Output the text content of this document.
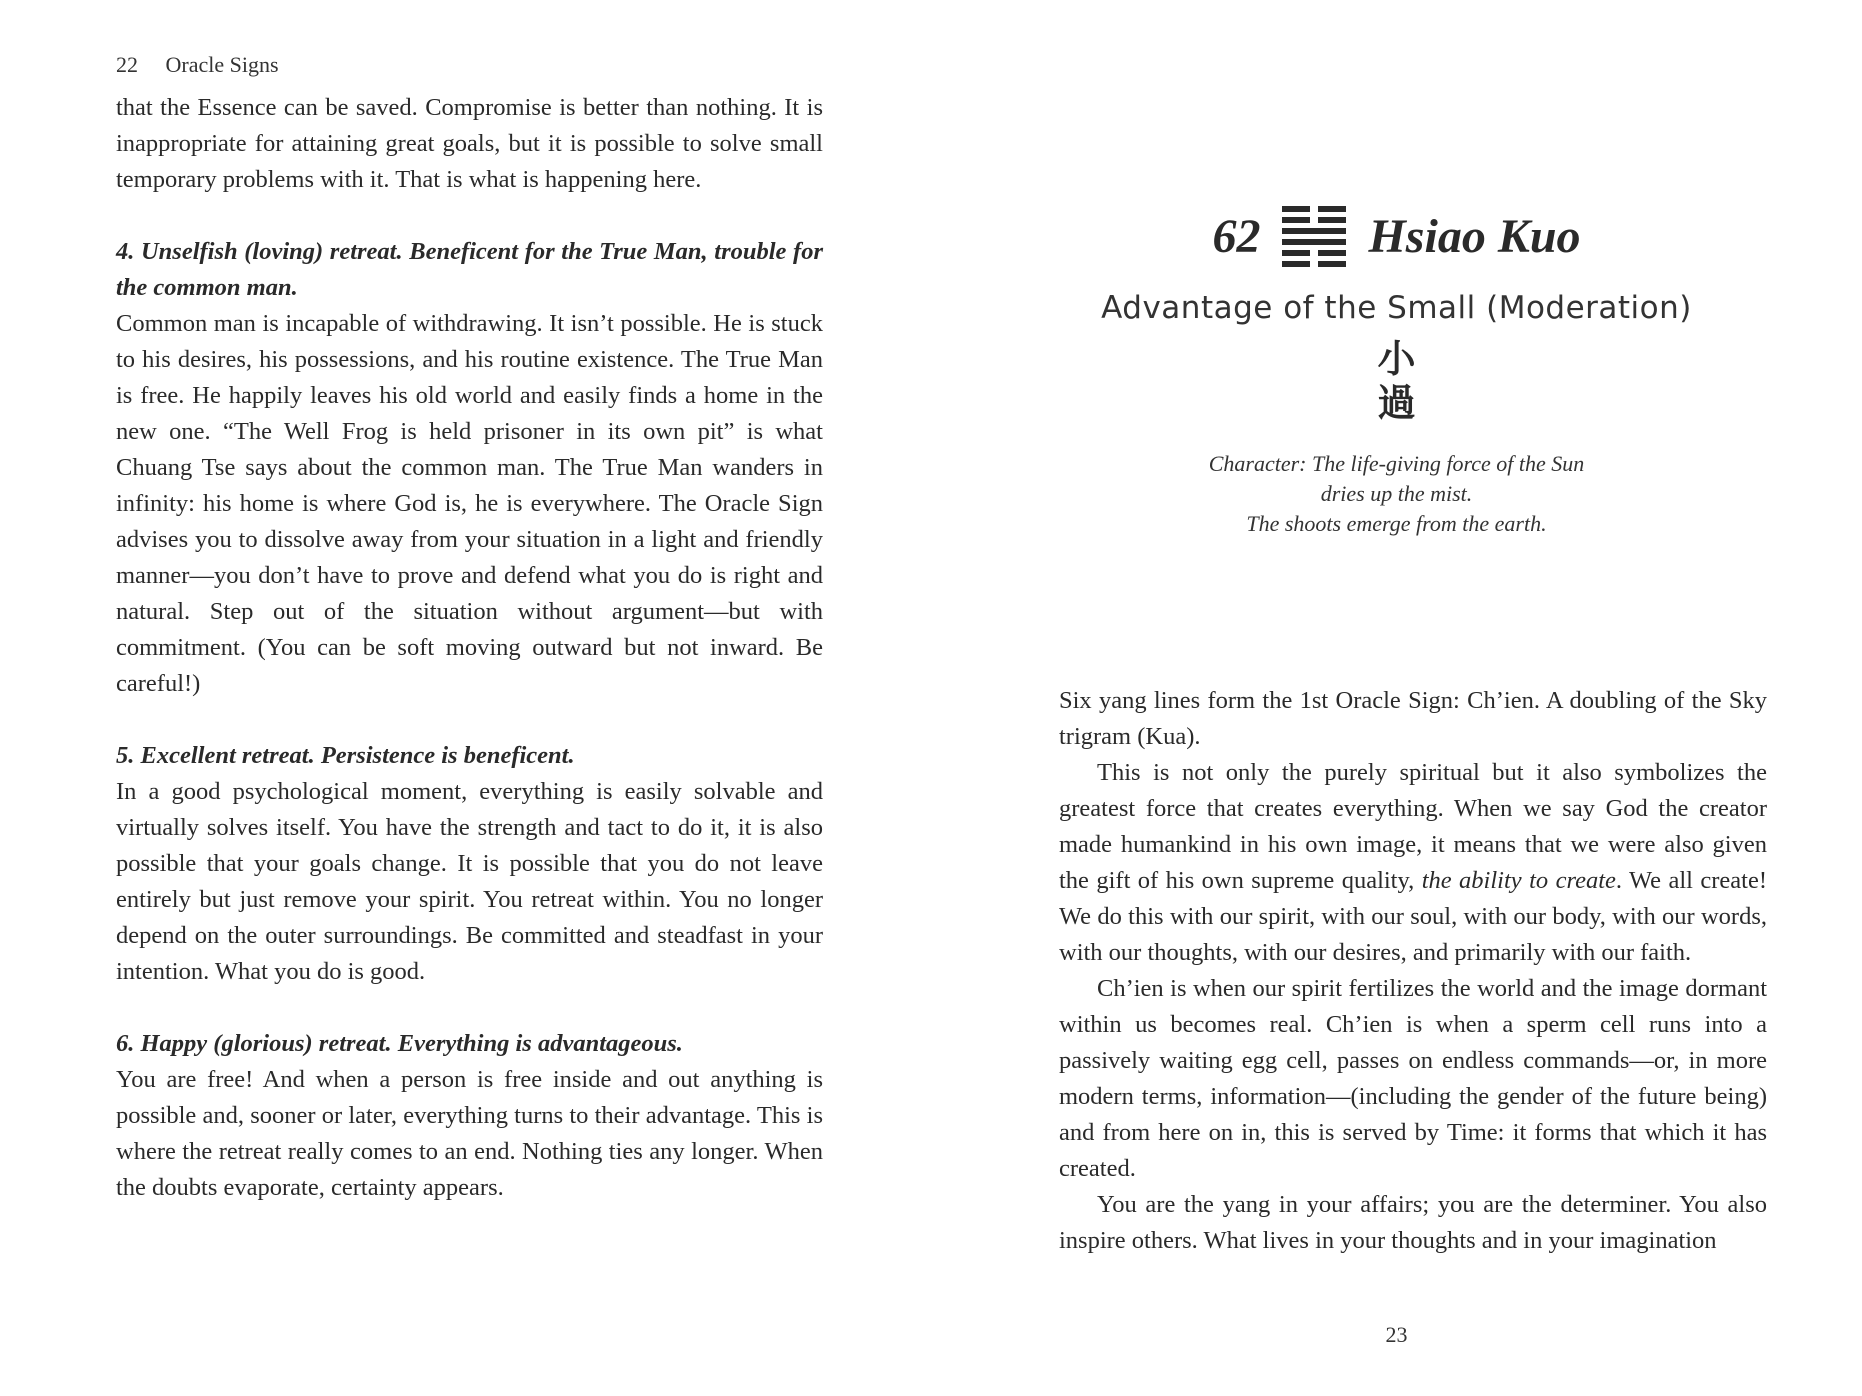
22 Oracle Signs

that the Essence can be saved. Compromise is better than nothing. It is inappropriate for attaining great goals, but it is possible to solve small temporary problems with it. That is what is happening here.

4. Unselfish (loving) retreat. Beneficent for the True Man, trouble for the common man.

Common man is incapable of withdrawing. It isn’t possible. He is stuck to his desires, his possessions, and his routine existence. The True Man is free. He happily leaves his old world and easily finds a home in the new one. “The Well Frog is held prisoner in its own pit” is what Chuang Tse says about the common man. The True Man wanders in infinity: his home is where God is, he is everywhere. The Oracle Sign advises you to dissolve away from your situation in a light and friendly manner—you don’t have to prove and defend what you do is right and natural. Step out of the situation without argument—but with commitment. (You can be soft moving outward but not inward. Be careful!)

5. Excellent retreat. Persistence is beneficent.

In a good psychological moment, everything is easily solvable and virtually solves itself. You have the strength and tact to do it, it is also possible that your goals change. It is possible that you do not leave entirely but just remove your spirit. You retreat within. You no longer depend on the outer surroundings. Be committed and steadfast in your intention. What you do is good.

6. Happy (glorious) retreat. Everything is advantageous.

You are free! And when a person is free inside and out anything is possible and, sooner or later, everything turns to their advantage. This is where the retreat really comes to an end. Nothing ties any longer. When the doubts evaporate, certainty appears.

62 Hsiao Kuo
Advantage of the Small (Moderation)
小
過
Character: The life-giving force of the Sun
dries up the mist.
The shoots emerge from the earth.

Six yang lines form the 1st Oracle Sign: Ch’ien. A doubling of the Sky trigram (Kua).

This is not only the purely spiritual but it also symbolizes the greatest force that creates everything. When we say God the creator made humankind in his own image, it means that we were also given the gift of his own supreme quality, the ability to create. We all create! We do this with our spirit, with our soul, with our body, with our words, with our thoughts, with our desires, and primarily with our faith.

Ch’ien is when our spirit fertilizes the world and the image dormant within us becomes real. Ch’ien is when a sperm cell runs into a passively waiting egg cell, passes on endless commands—or, in more modern terms, information—(including the gender of the future being) and from here on in, this is served by Time: it forms that which it has created.

You are the yang in your affairs; you are the determiner. You also inspire others. What lives in your thoughts and in your imagination

23
